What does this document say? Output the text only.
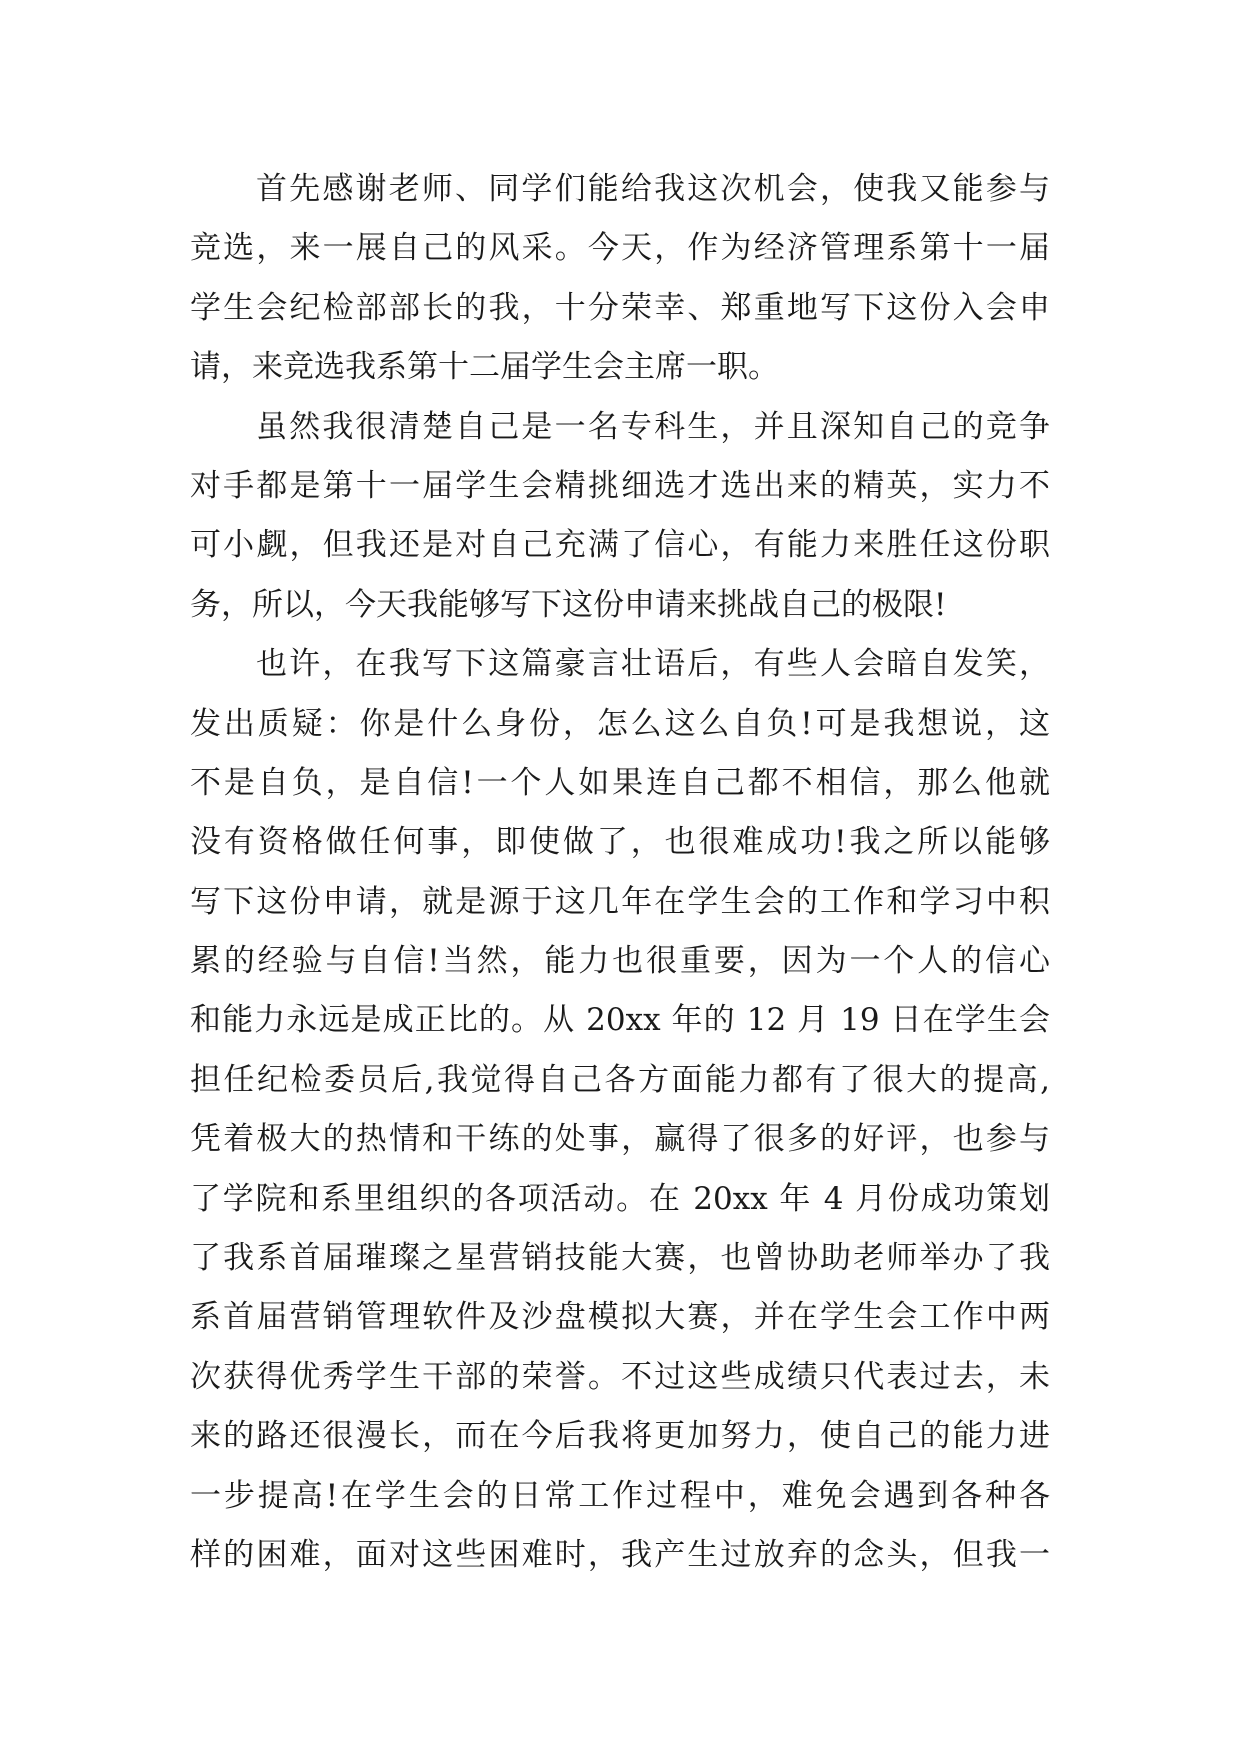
首先感谢老师、同学们能给我这次机会，使我又能参与
竞选，来一展自己的风采。今天，作为经济管理系第十一届
学生会纪检部部长的我，十分荣幸、郑重地写下这份入会申
请，来竞选我系第十二届学生会主席一职。
虽然我很清楚自己是一名专科生，并且深知自己的竞争
对手都是第十一届学生会精挑细选才选出来的精英，实力不
可小觑，但我还是对自己充满了信心，有能力来胜任这份职
务，所以，今天我能够写下这份申请来挑战自己的极限!
也许，在我写下这篇豪言壮语后，有些人会暗自发笑，
发出质疑：你是什么身份，怎么这么自负!可是我想说，这
不是自负，是自信!一个人如果连自己都不相信，那么他就
没有资格做任何事，即使做了，也很难成功!我之所以能够
写下这份申请，就是源于这几年在学生会的工作和学习中积
累的经验与自信!当然，能力也很重要，因为一个人的信心
和能力永远是成正比的。从 20xx 年的 12 月 19 日在学生会
担任纪检委员后,我觉得自己各方面能力都有了很大的提高,
凭着极大的热情和干练的处事，赢得了很多的好评，也参与
了学院和系里组织的各项活动。在 20xx 年 4 月份成功策划
了我系首届璀璨之星营销技能大赛，也曾协助老师举办了我
系首届营销管理软件及沙盘模拟大赛，并在学生会工作中两
次获得优秀学生干部的荣誉。不过这些成绩只代表过去，未
来的路还很漫长，而在今后我将更加努力，使自己的能力进
一步提高!在学生会的日常工作过程中，难免会遇到各种各
样的困难，面对这些困难时，我产生过放弃的念头，但我一
